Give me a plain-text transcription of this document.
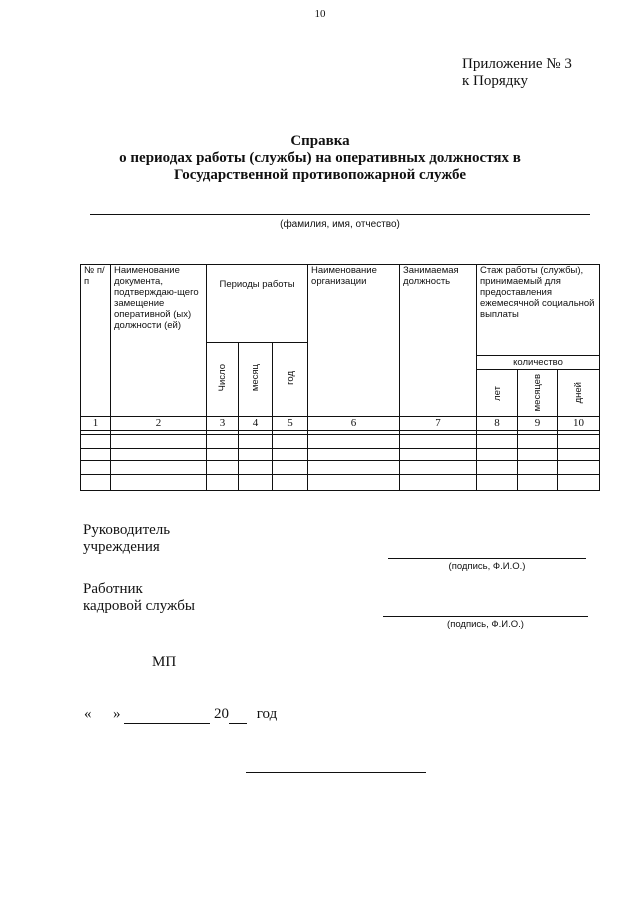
10
Приложение № 3
к Порядку
Справка
о периодах работы (службы) на оперативных должностях в
Государственной противопожарной службе
(фамилия, имя, отчество)
№ п/п	Наименование документа, подтверждаю-щего замещение оперативной (ых) должности (ей)	Периоды работы			Наименование организации	Занимаемая должность	Стаж работы (службы), принимаемый для предоставления ежемесячной социальной выплаты		
		Число	месяц	год					

							количество
лет месяцев дней		

1	2	3	4	5	6	7	8	9	10

Руководитель
учреждения
(подпись, Ф.И.О.)
Работник
кадровой службы
(подпись, Ф.И.О.)
МП
« »	20 год
